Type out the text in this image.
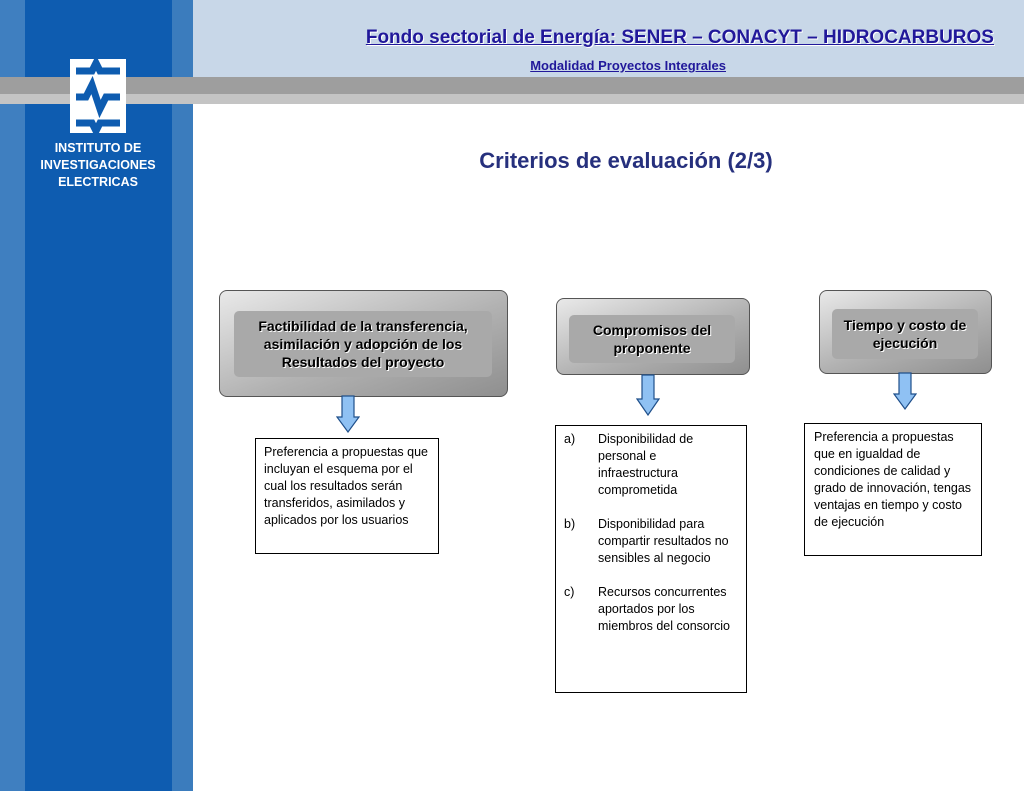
INSTITUTO DE
INVESTIGACIONES
ELECTRICAS
Fondo sectorial de Energía: SENER – CONACYT – HIDROCARBUROS
Modalidad Proyectos Integrales
Criterios de evaluación (2/3)
Factibilidad de la transferencia, asimilación y adopción de los Resultados del proyecto
Preferencia a propuestas que incluyan el esquema por el cual los resultados serán transferidos, asimilados y aplicados por los usuarios
Compromisos del proponente
a)	Disponibilidad de personal e infraestructura comprometida
b)	Disponibilidad para compartir resultados no sensibles al negocio
c)	Recursos concurrentes aportados por los miembros del consorcio
Tiempo y costo de ejecución
Preferencia a propuestas que en igualdad de condiciones de calidad y grado de innovación, tengas ventajas en tiempo y costo de ejecución
